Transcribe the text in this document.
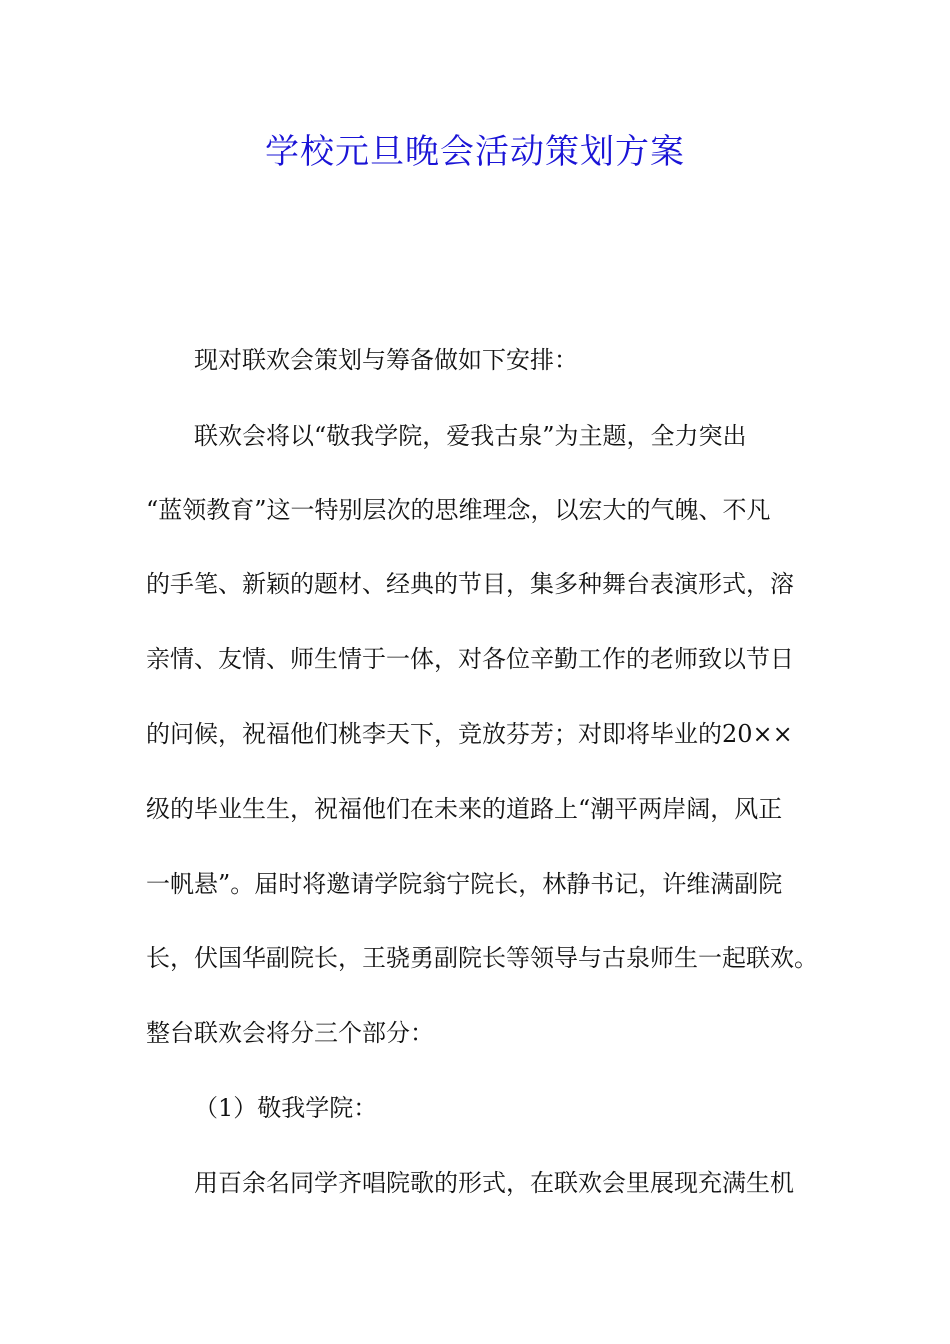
学校元旦晚会活动策划方案

现对联欢会策划与筹备做如下安排：

联欢会将以“敬我学院，爱我古泉”为主题，全力突出

“蓝领教育”这一特别层次的思维理念，以宏大的气魄、不凡

的手笔、新颖的题材、经典的节目，集多种舞台表演形式，溶

亲情、友情、师生情于一体，对各位辛勤工作的老师致以节日

的问候，祝福他们桃李天下，竞放芬芳；对即将毕业的20××

级的毕业生生，祝福他们在未来的道路上“潮平两岸阔，风正

一帆悬”。届时将邀请学院翁宁院长，林静书记，许维满副院

长，伏国华副院长，王骁勇副院长等领导与古泉师生一起联欢。

整台联欢会将分三个部分：

（1）敬我学院：

用百余名同学齐唱院歌的形式，在联欢会里展现充满生机
